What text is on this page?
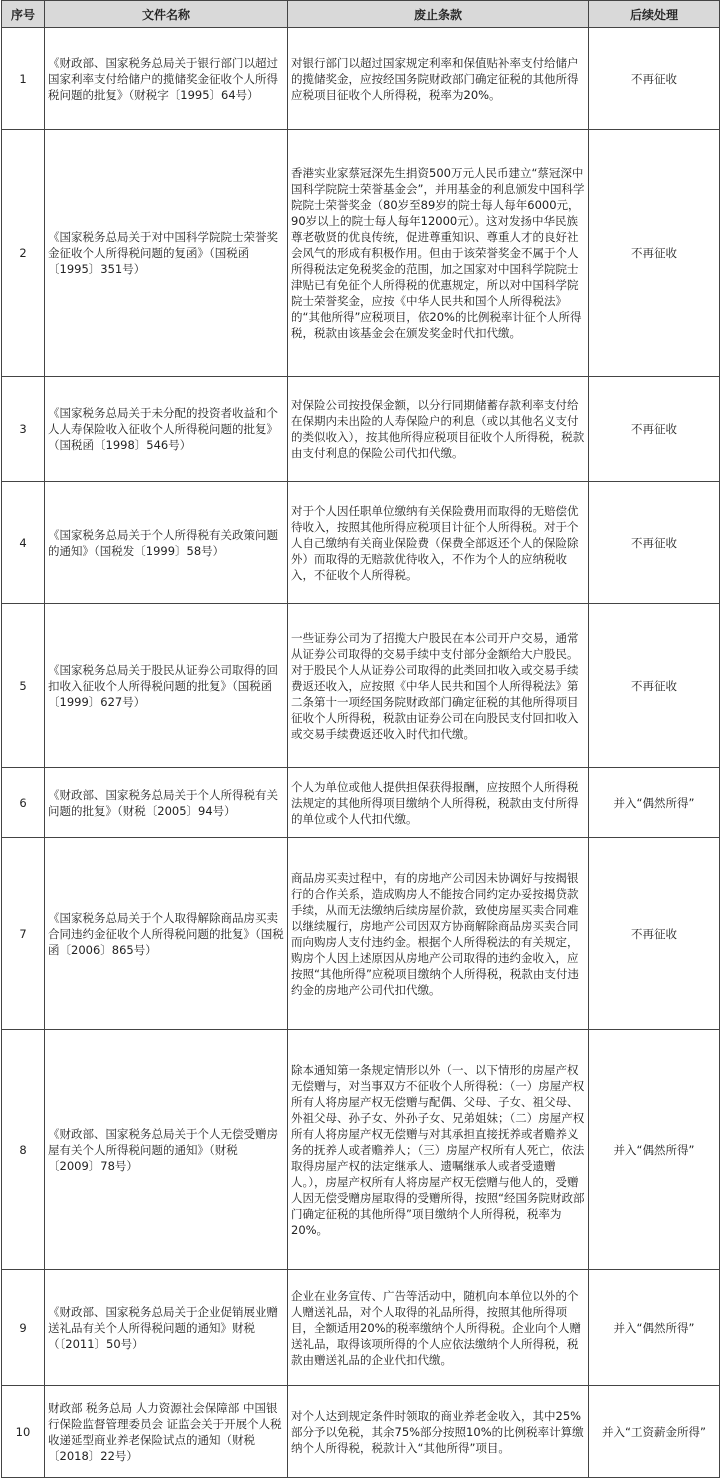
序号	文件名称	废止条款	后续处理
1	《财政部、国家税务总局关于银行部门以超过国家利率支付给储户的揽储奖金征收个人所得税问题的批复》（财税字〔1995〕64号）	对银行部门以超过国家规定利率和保值贴补率支付给储户的揽储奖金，应按经国务院财政部门确定征税的其他所得应税项目征收个人所得税，税率为20%。	不再征收
2	《国家税务总局关于对中国科学院院士荣誉奖金征收个人所得税问题的复函》（国税函〔1995〕351号）	香港实业家蔡冠深先生捐资500万元人民币建立“蔡冠深中国科学院院士荣誉基金会”，并用基金的利息颁发中国科学院院士荣誉奖金（80岁至89岁的院士每人每年6000元，90岁以上的院士每人每年12000元）。这对发扬中华民族尊老敬贤的优良传统，促进尊重知识、尊重人才的良好社会风气的形成有积极作用。但由于该荣誉奖金不属于个人所得税法定免税奖金的范围，加之国家对中国科学院院士津贴已有免征个人所得税的优惠规定，所以对中国科学院院士荣誉奖金，应按《中华人民共和国个人所得税法》的“其他所得”应税项目，依20%的比例税率计征个人所得税，税款由该基金会在颁发奖金时代扣代缴。	不再征收
3	《国家税务总局关于未分配的投资者收益和个人人寿保险收入征收个人所得税问题的批复》（国税函〔1998〕546号）	对保险公司按投保金额，以分行同期储蓄存款利率支付给在保期内未出险的人寿保险户的利息（或以其他名义支付的类似收入），按其他所得应税项目征收个人所得税，税款由支付利息的保险公司代扣代缴。	不再征收
4	《国家税务总局关于个人所得税有关政策问题的通知》（国税发〔1999〕58号）	对于个人因任职单位缴纳有关保险费用而取得的无赔偿优待收入，按照其他所得应税项目计征个人所得税。对于个人自己缴纳有关商业保险费（保费全部返还个人的保险除外）而取得的无赔款优待收入，不作为个人的应纳税收入，不征收个人所得税。	不再征收
5	《国家税务总局关于股民从证券公司取得的回扣收入征收个人所得税问题的批复》（国税函〔1999〕627号）	一些证券公司为了招揽大户股民在本公司开户交易，通常从证券公司取得的交易手续中支付部分金额给大户股民。对于股民个人从证券公司取得的此类回扣收入或交易手续费返还收入，应按照《中华人民共和国个人所得税法》第二条第十一项经国务院财政部门确定征税的其他所得项目征收个人所得税，税款由证券公司在向股民支付回扣收入或交易手续费返还收入时代扣代缴。	不再征收
6	《财政部、国家税务总局关于个人所得税有关问题的批复》（财税〔2005〕94号）	个人为单位或他人提供担保获得报酬，应按照个人所得税法规定的其他所得项目缴纳个人所得税，税款由支付所得的单位或个人代扣代缴。	并入“偶然所得”
7	《国家税务总局关于个人取得解除商品房买卖合同违约金征收个人所得税问题的批复》（国税函〔2006〕865号）	商品房买卖过程中，有的房地产公司因未协调好与按揭银行的合作关系，造成购房人不能按合同约定办妥按揭贷款手续，从而无法缴纳后续房屋价款，致使房屋买卖合同难以继续履行，房地产公司因双方协商解除商品房买卖合同而向购房人支付违约金。根据个人所得税法的有关规定，购房个人因上述原因从房地产公司取得的违约金收入，应按照“其他所得”应税项目缴纳个人所得税，税款由支付违约金的房地产公司代扣代缴。	不再征收
8	《财政部、国家税务总局关于个人无偿受赠房屋有关个人所得税问题的通知》（财税〔2009〕78号）	除本通知第一条规定情形以外（一、以下情形的房屋产权无偿赠与，对当事双方不征收个人所得税：（一）房屋产权所有人将房屋产权无偿赠与配偶、父母、子女、祖父母、外祖父母、孙子女、外孙子女、兄弟姐妹；（二）房屋产权所有人将房屋产权无偿赠与对其承担直接抚养或者赡养义务的抚养人或者赡养人；（三）房屋产权所有人死亡，依法取得房屋产权的法定继承人、遗嘱继承人或者受遗赠人。），房屋产权所有人将房屋产权无偿赠与他人的，受赠人因无偿受赠房屋取得的受赠所得，按照“经国务院财政部门确定征税的其他所得”项目缴纳个人所得税，税率为20%。	并入“偶然所得”
9	《财政部、国家税务总局关于企业促销展业赠送礼品有关个人所得税问题的通知》财税（〔2011〕50号）	企业在业务宣传、广告等活动中，随机向本单位以外的个人赠送礼品，对个人取得的礼品所得，按照其他所得项目，全额适用20%的税率缴纳个人所得税。企业向个人赠送礼品，取得该项所得的个人应依法缴纳个人所得税，税款由赠送礼品的企业代扣代缴。	并入“偶然所得”
10	财政部 税务总局 人力资源社会保障部 中国银行保险监督管理委员会 证监会关于开展个人税收递延型商业养老保险试点的通知（财税〔2018〕22号）	对个人达到规定条件时领取的商业养老金收入，其中25%部分予以免税，其余75%部分按照10%的比例税率计算缴纳个人所得税，税款计入“其他所得”项目。	并入“工资薪金所得”
